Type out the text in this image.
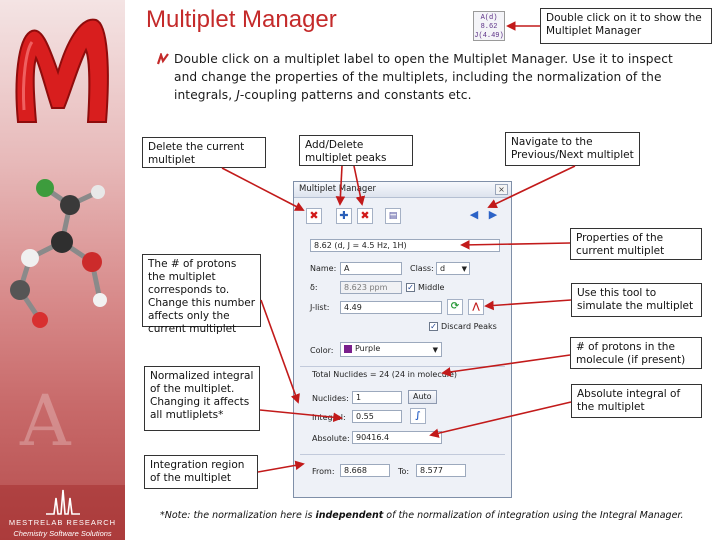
A
MESTRELAB RESEARCH
Chemistry Software Solutions
Multiplet Manager	A(d)
8.62
J(4.49)
Double click on it to show the Multiplet Manager
Double click on a multiplet label to open the Multiplet Manager. Use it to inspect and change the properties of the multiplets, including the normalization of the integrals, J-coupling patterns and constants etc.
Delete the current multiplet
Add/Delete multiplet peaks
Navigate to the Previous/Next multiplet
Properties of the current multiplet
The # of protons the multiplet corresponds to. Change this number affects only the current multiplet
Use this tool to simulate the multiplet
# of protons in the molecule (if present)
Normalized integral of the multiplet. Changing it affects all mutliplets*
Absolute integral of the multiplet
Integration region of the multiplet
Multiplet Manager	×
✖	✚	✖	▤	◀ ▶
8.62 (d, J = 4.5 Hz, 1H)
Name: A	Class: d ▼
δ:	8.623 ppm	✓ Middle
J-list:	4.49	⟳	⋀
✓ Discard Peaks
Color:	Purple	▼
Total Nuclides = 24 (24 in molecule)
Nuclides: 1	Auto
Integral:	0.55	∫
Absolute: 90416.4
From:	8.668	To:	8.577
*Note: the normalization here is independent of the normalization of integration using the Integral Manager.
